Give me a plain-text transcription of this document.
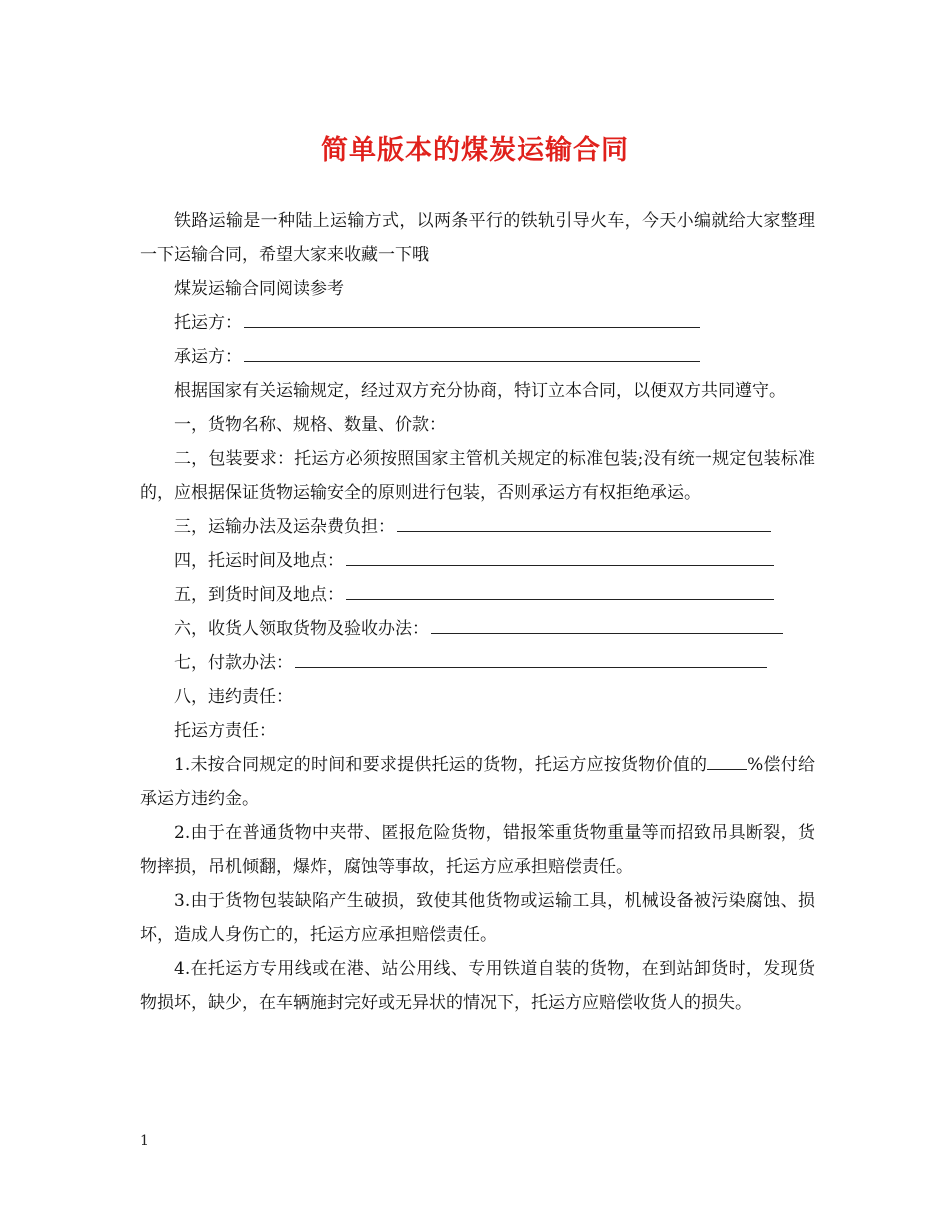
简单版本的煤炭运输合同

铁路运输是一种陆上运输方式，以两条平行的铁轨引导火车，今天小编就给大家整理一下运输合同，希望大家来收藏一下哦

煤炭运输合同阅读参考

托运方：

承运方：

根据国家有关运输规定，经过双方充分协商，特订立本合同，以便双方共同遵守。

一，货物名称、规格、数量、价款：

二，包装要求：托运方必须按照国家主管机关规定的标准包装;没有统一规定包装标准的，应根据保证货物运输安全的原则进行包装，否则承运方有权拒绝承运。

三，运输办法及运杂费负担：

四，托运时间及地点：

五，到货时间及地点：

六，收货人领取货物及验收办法：

七，付款办法：

八，违约责任：

托运方责任：

1.未按合同规定的时间和要求提供托运的货物，托运方应按货物价值的 %偿付给承运方违约金。

2.由于在普通货物中夹带、匿报危险货物，错报笨重货物重量等而招致吊具断裂，货物摔损，吊机倾翻，爆炸，腐蚀等事故，托运方应承担赔偿责任。

3.由于货物包装缺陷产生破损，致使其他货物或运输工具，机械设备被污染腐蚀、损坏，造成人身伤亡的，托运方应承担赔偿责任。

4.在托运方专用线或在港、站公用线、专用铁道自装的货物，在到站卸货时，发现货物损坏，缺少，在车辆施封完好或无异状的情况下，托运方应赔偿收货人的损失。

1
